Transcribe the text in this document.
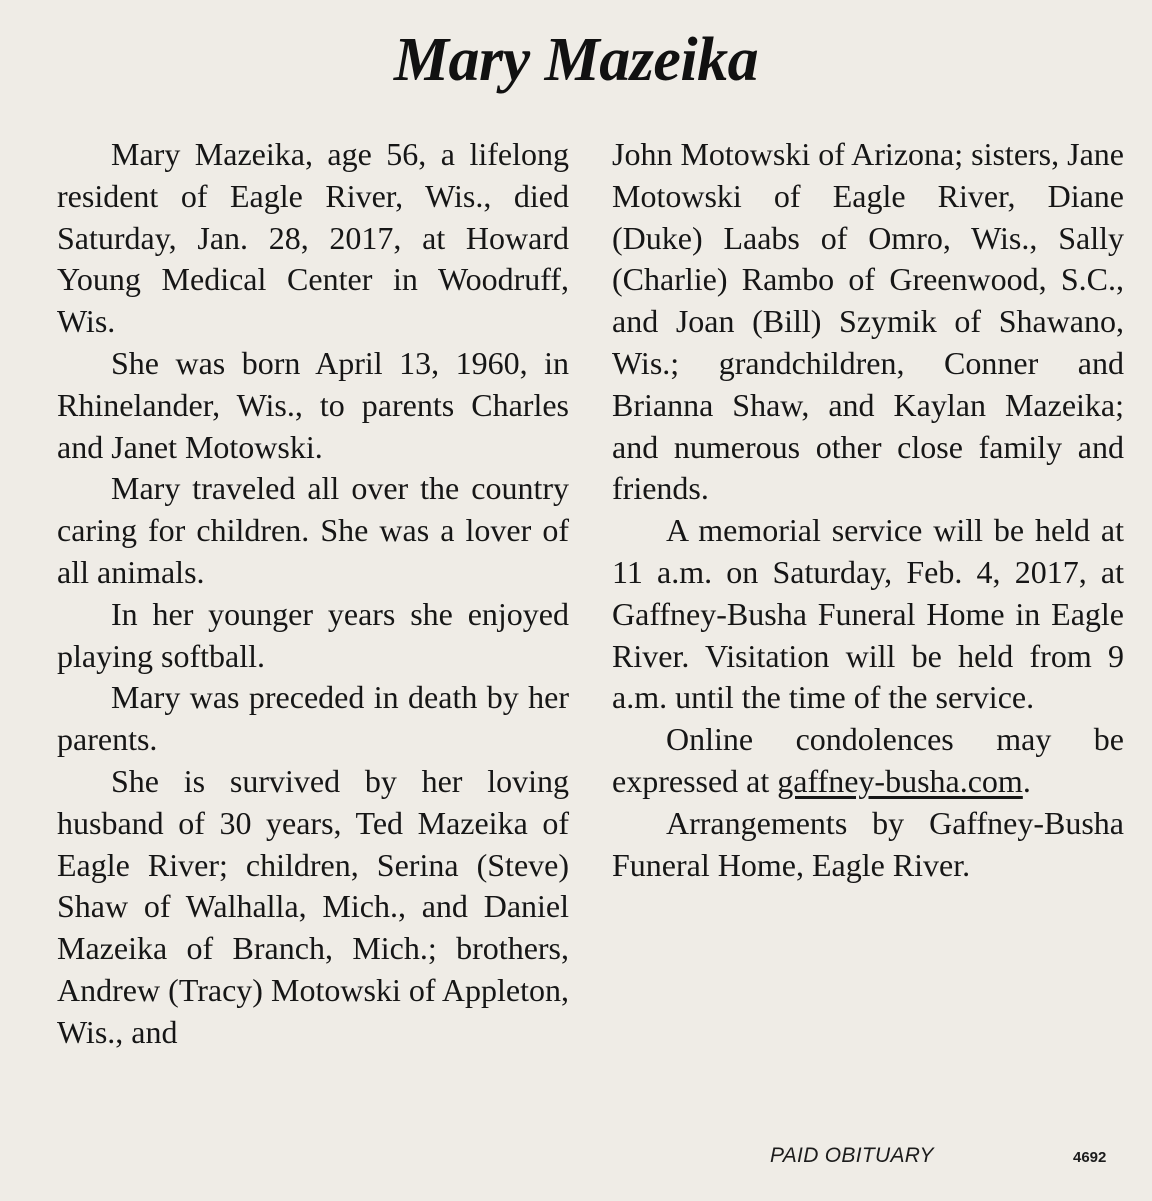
Mary Mazeika

Mary Mazeika, age 56, a lifelong resident of Eagle River, Wis., died Saturday, Jan. 28, 2017, at Howard Young Medical Center in Woodruff, Wis.

She was born April 13, 1960, in Rhinelander, Wis., to parents Charles and Janet Motowski.

Mary traveled all over the country caring for children. She was a lover of all animals.

In her younger years she enjoyed playing softball.

Mary was preceded in death by her parents.

She is survived by her loving husband of 30 years, Ted Mazeika of Eagle River; children, Serina (Steve) Shaw of Walhalla, Mich., and Daniel Mazeika of Branch, Mich.; brothers, Andrew (Tracy) Motowski of Appleton, Wis., and

John Motowski of Arizona; sisters, Jane Motowski of Eagle River, Diane (Duke) Laabs of Omro, Wis., Sally (Charlie) Rambo of Greenwood, S.C., and Joan (Bill) Szymik of Shawano, Wis.; grandchildren, Conner and Brianna Shaw, and Kaylan Mazeika; and numerous other close family and friends.

A memorial service will be held at 11 a.m. on Saturday, Feb. 4, 2017, at Gaffney-Busha Funeral Home in Eagle River. Visitation will be held from 9 a.m. until the time of the service.

Online condolences may be expressed at gaffney-busha.com.

Arrangements by Gaffney-Busha Funeral Home, Eagle River.

PAID OBITUARY	4692
